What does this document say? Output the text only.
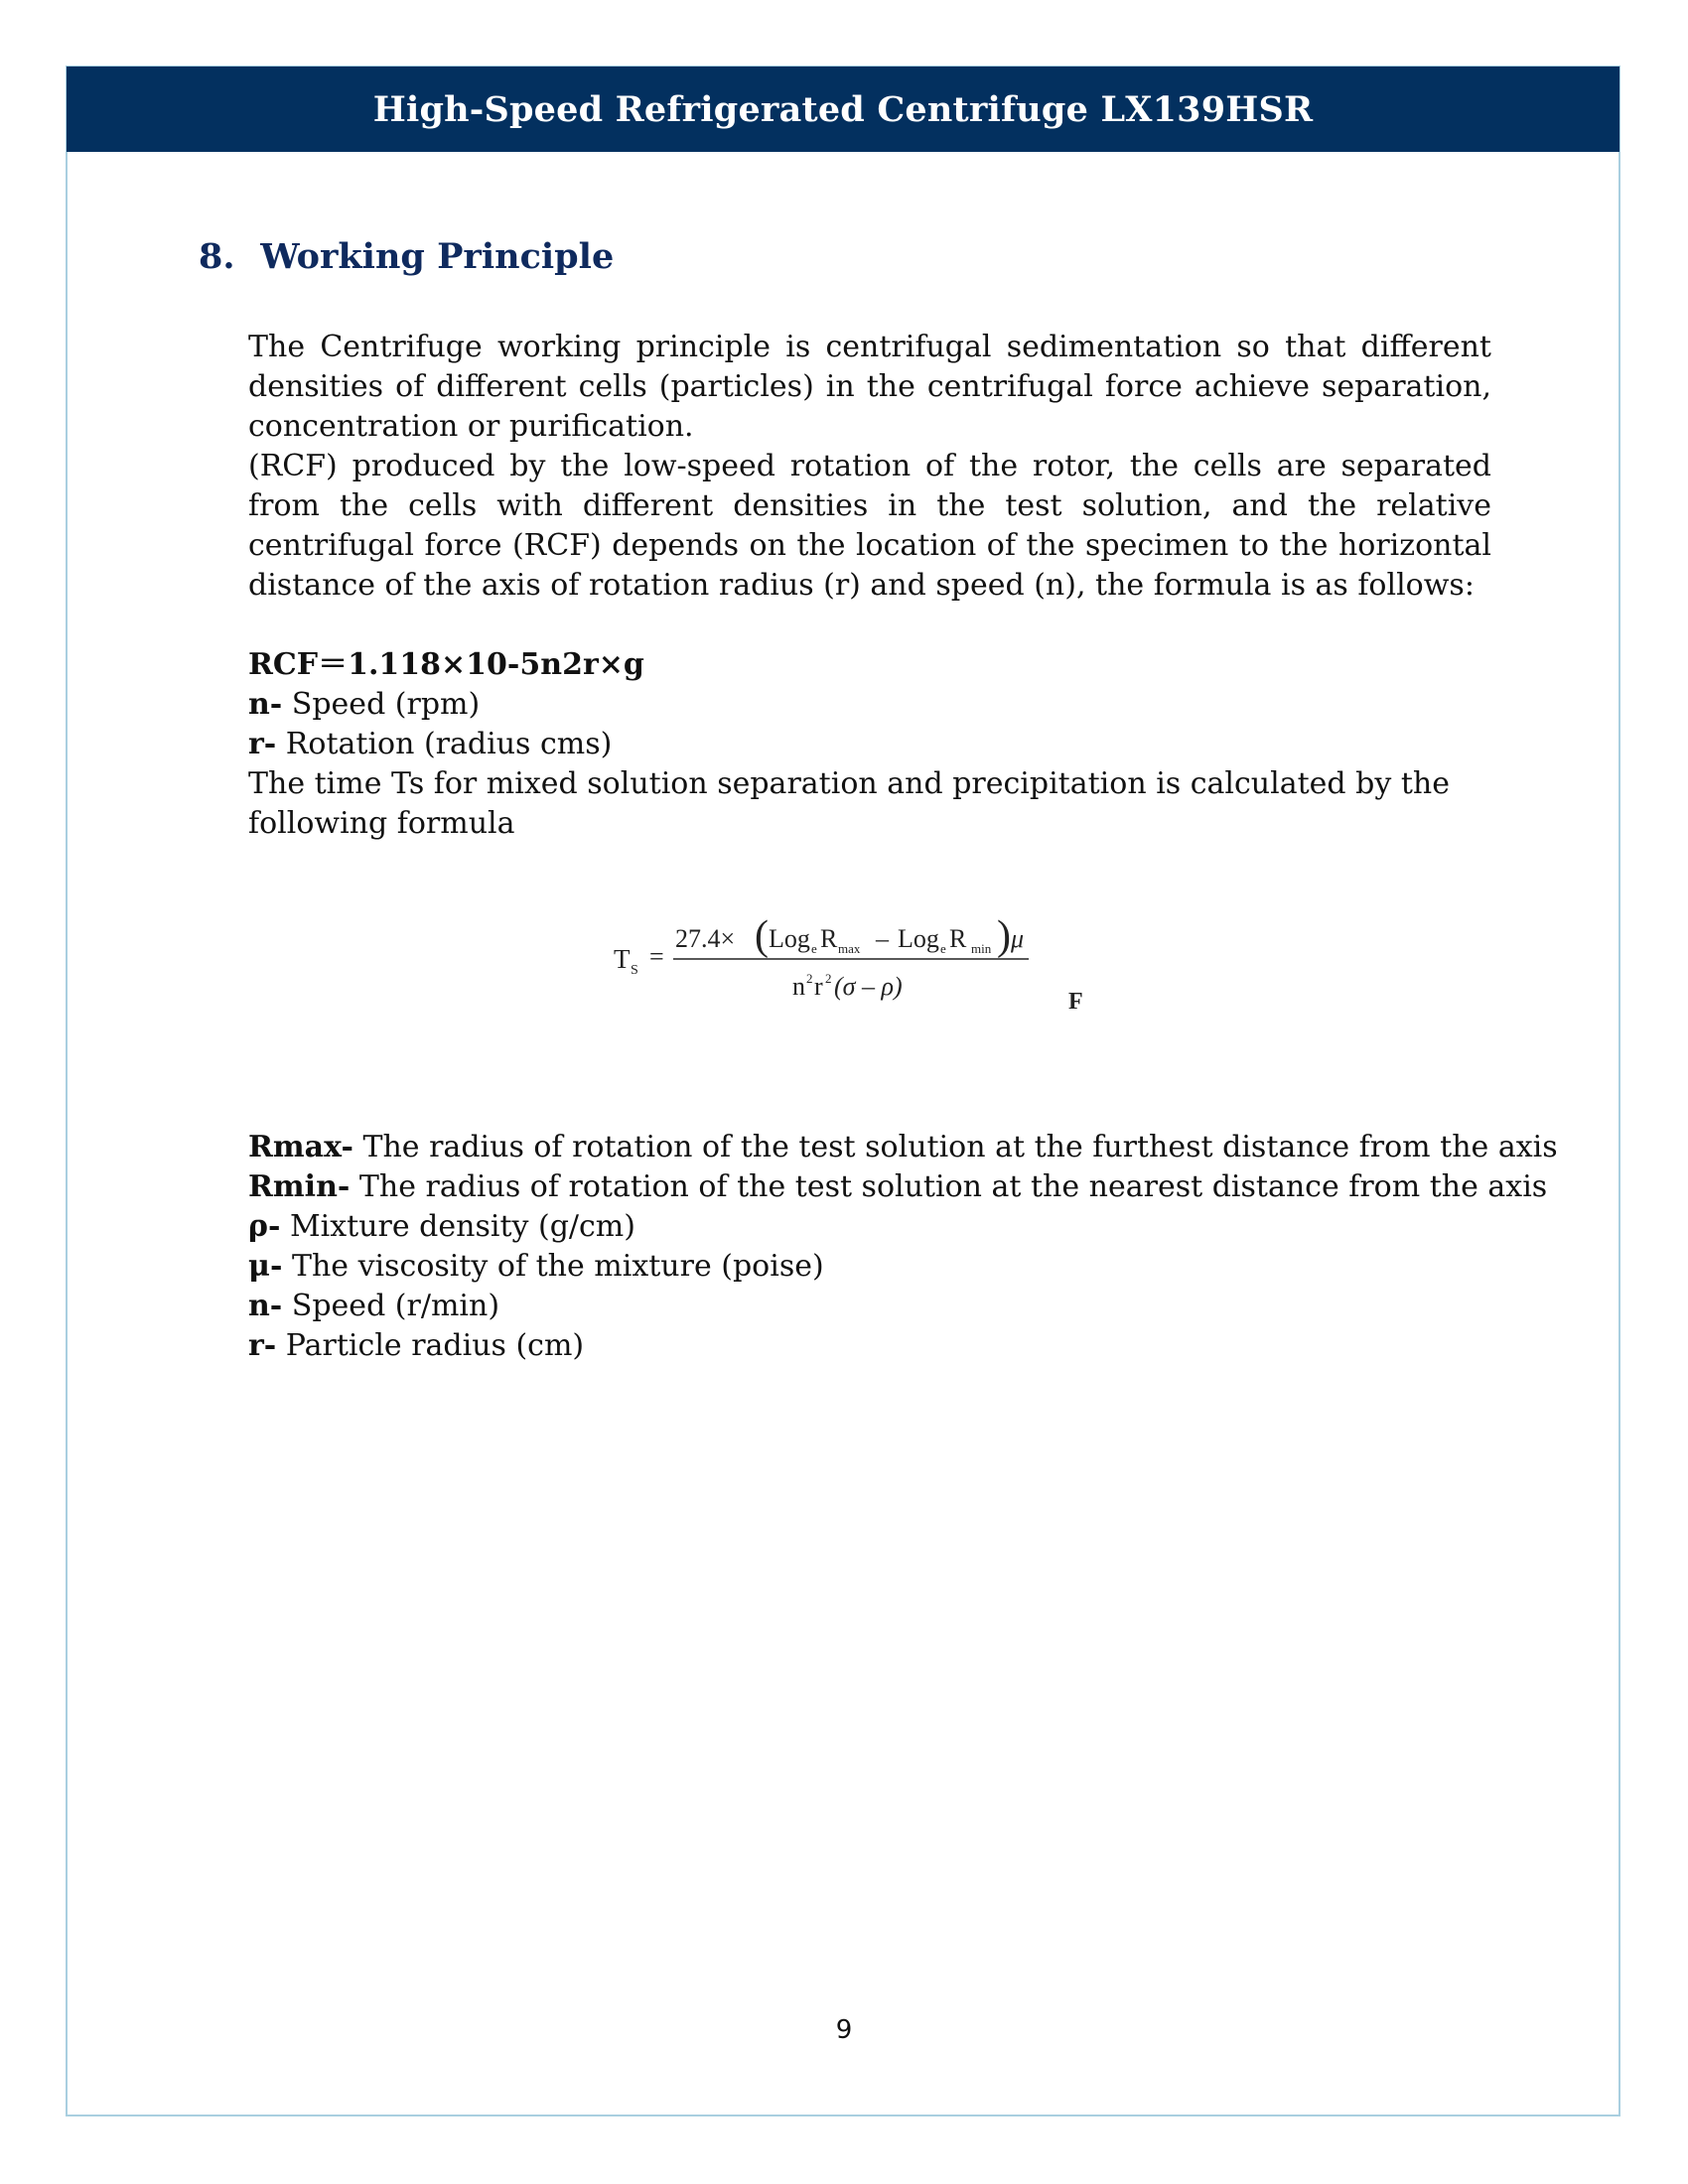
High-Speed Refrigerated Centrifuge LX139HSR
8. Working Principle

The Centrifuge working principle is centrifugal sedimentation so that different densities of different cells (particles) in the centrifugal force achieve separation, concentration or purification.

(RCF) produced by the low-speed rotation of the rotor, the cells are separated from the cells with different densities in the test solution, and the relative centrifugal force (RCF) depends on the location of the specimen to the horizontal distance of the axis of rotation radius (r) and speed (n), the formula is as follows:

RCF＝1.118×10-5n2r×g

n- Speed (rpm)

r- Rotation (radius cms)

The time Ts for mixed solution separation and precipitation is calculated by the following formula

T S =
27.4× ( Log e R max – Log e R min ) μ
n 2 r 2 (σ – ρ)
F

Rmax- The radius of rotation of the test solution at the furthest distance from the axis

Rmin- The radius of rotation of the test solution at the nearest distance from the axis

ρ- Mixture density (g/cm)

μ- The viscosity of the mixture (poise)

n- Speed (r/min)

r- Particle radius (cm)

9
